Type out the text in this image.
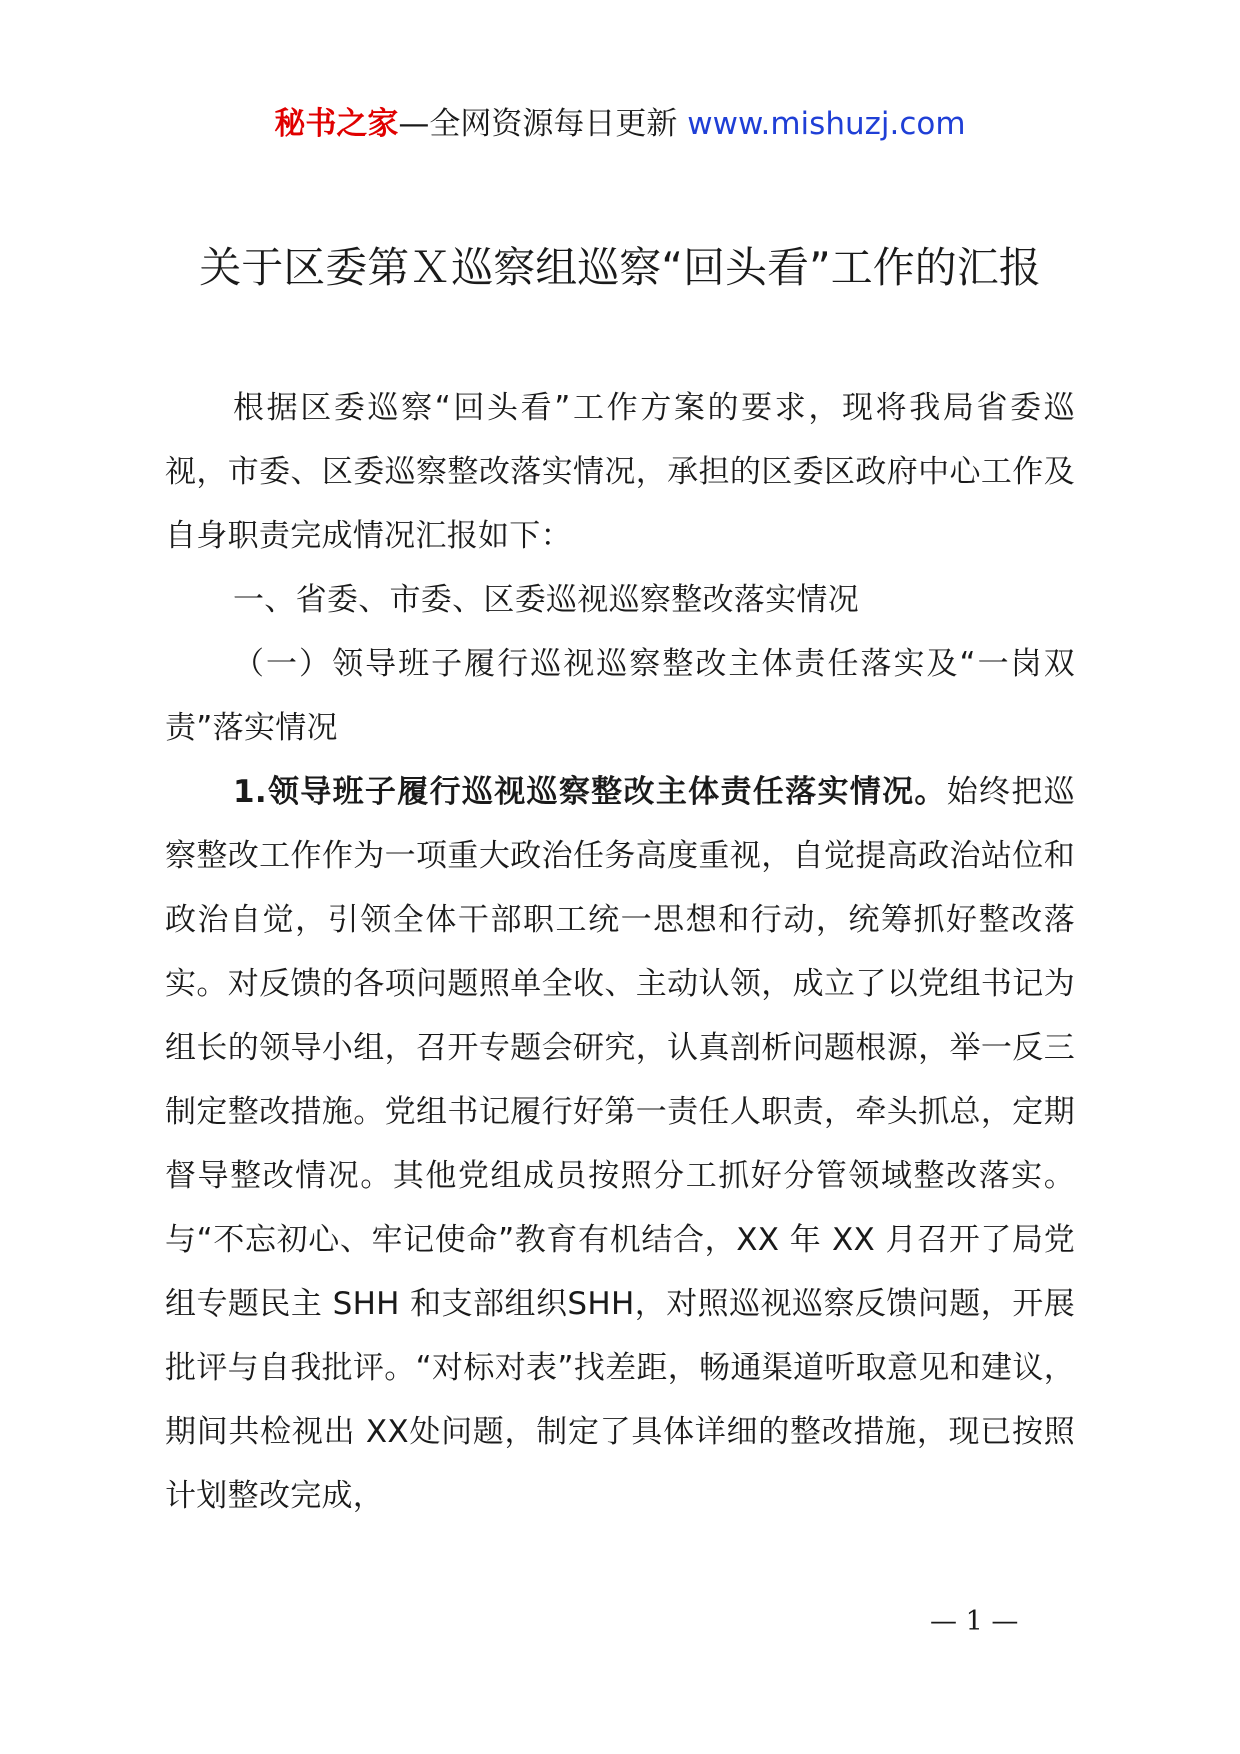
秘书之家—全网资源每日更新 www.mishuzj.com
关于区委第Ｘ巡察组巡察“回头看”工作的汇报

根据区委巡察“回头看”工作方案的要求，现将我局省委巡视，市委、区委巡察整改落实情况，承担的区委区政府中心工作及自身职责完成情况汇报如下：

一、省委、市委、区委巡视巡察整改落实情况

（一）领导班子履行巡视巡察整改主体责任落实及“一岗双责”落实情况

1.领导班子履行巡视巡察整改主体责任落实情况。始终把巡察整改工作作为一项重大政治任务高度重视，自觉提高政治站位和政治自觉，引领全体干部职工统一思想和行动，统筹抓好整改落实。对反馈的各项问题照单全收、主动认领，成立了以党组书记为组长的领导小组，召开专题会研究，认真剖析问题根源，举一反三制定整改措施。党组书记履行好第一责任人职责，牵头抓总，定期督导整改情况。其他党组成员按照分工抓好分管领域整改落实。与“不忘初心、牢记使命”教育有机结合，XX 年 XX 月召开了局党组专题民主 SHH 和支部组织SHH，对照巡视巡察反馈问题，开展批评与自我批评。“对标对表”找差距，畅通渠道听取意见和建议，期间共检视出 XX处问题，制定了具体详细的整改措施，现已按照计划整改完成，

— 1 —
